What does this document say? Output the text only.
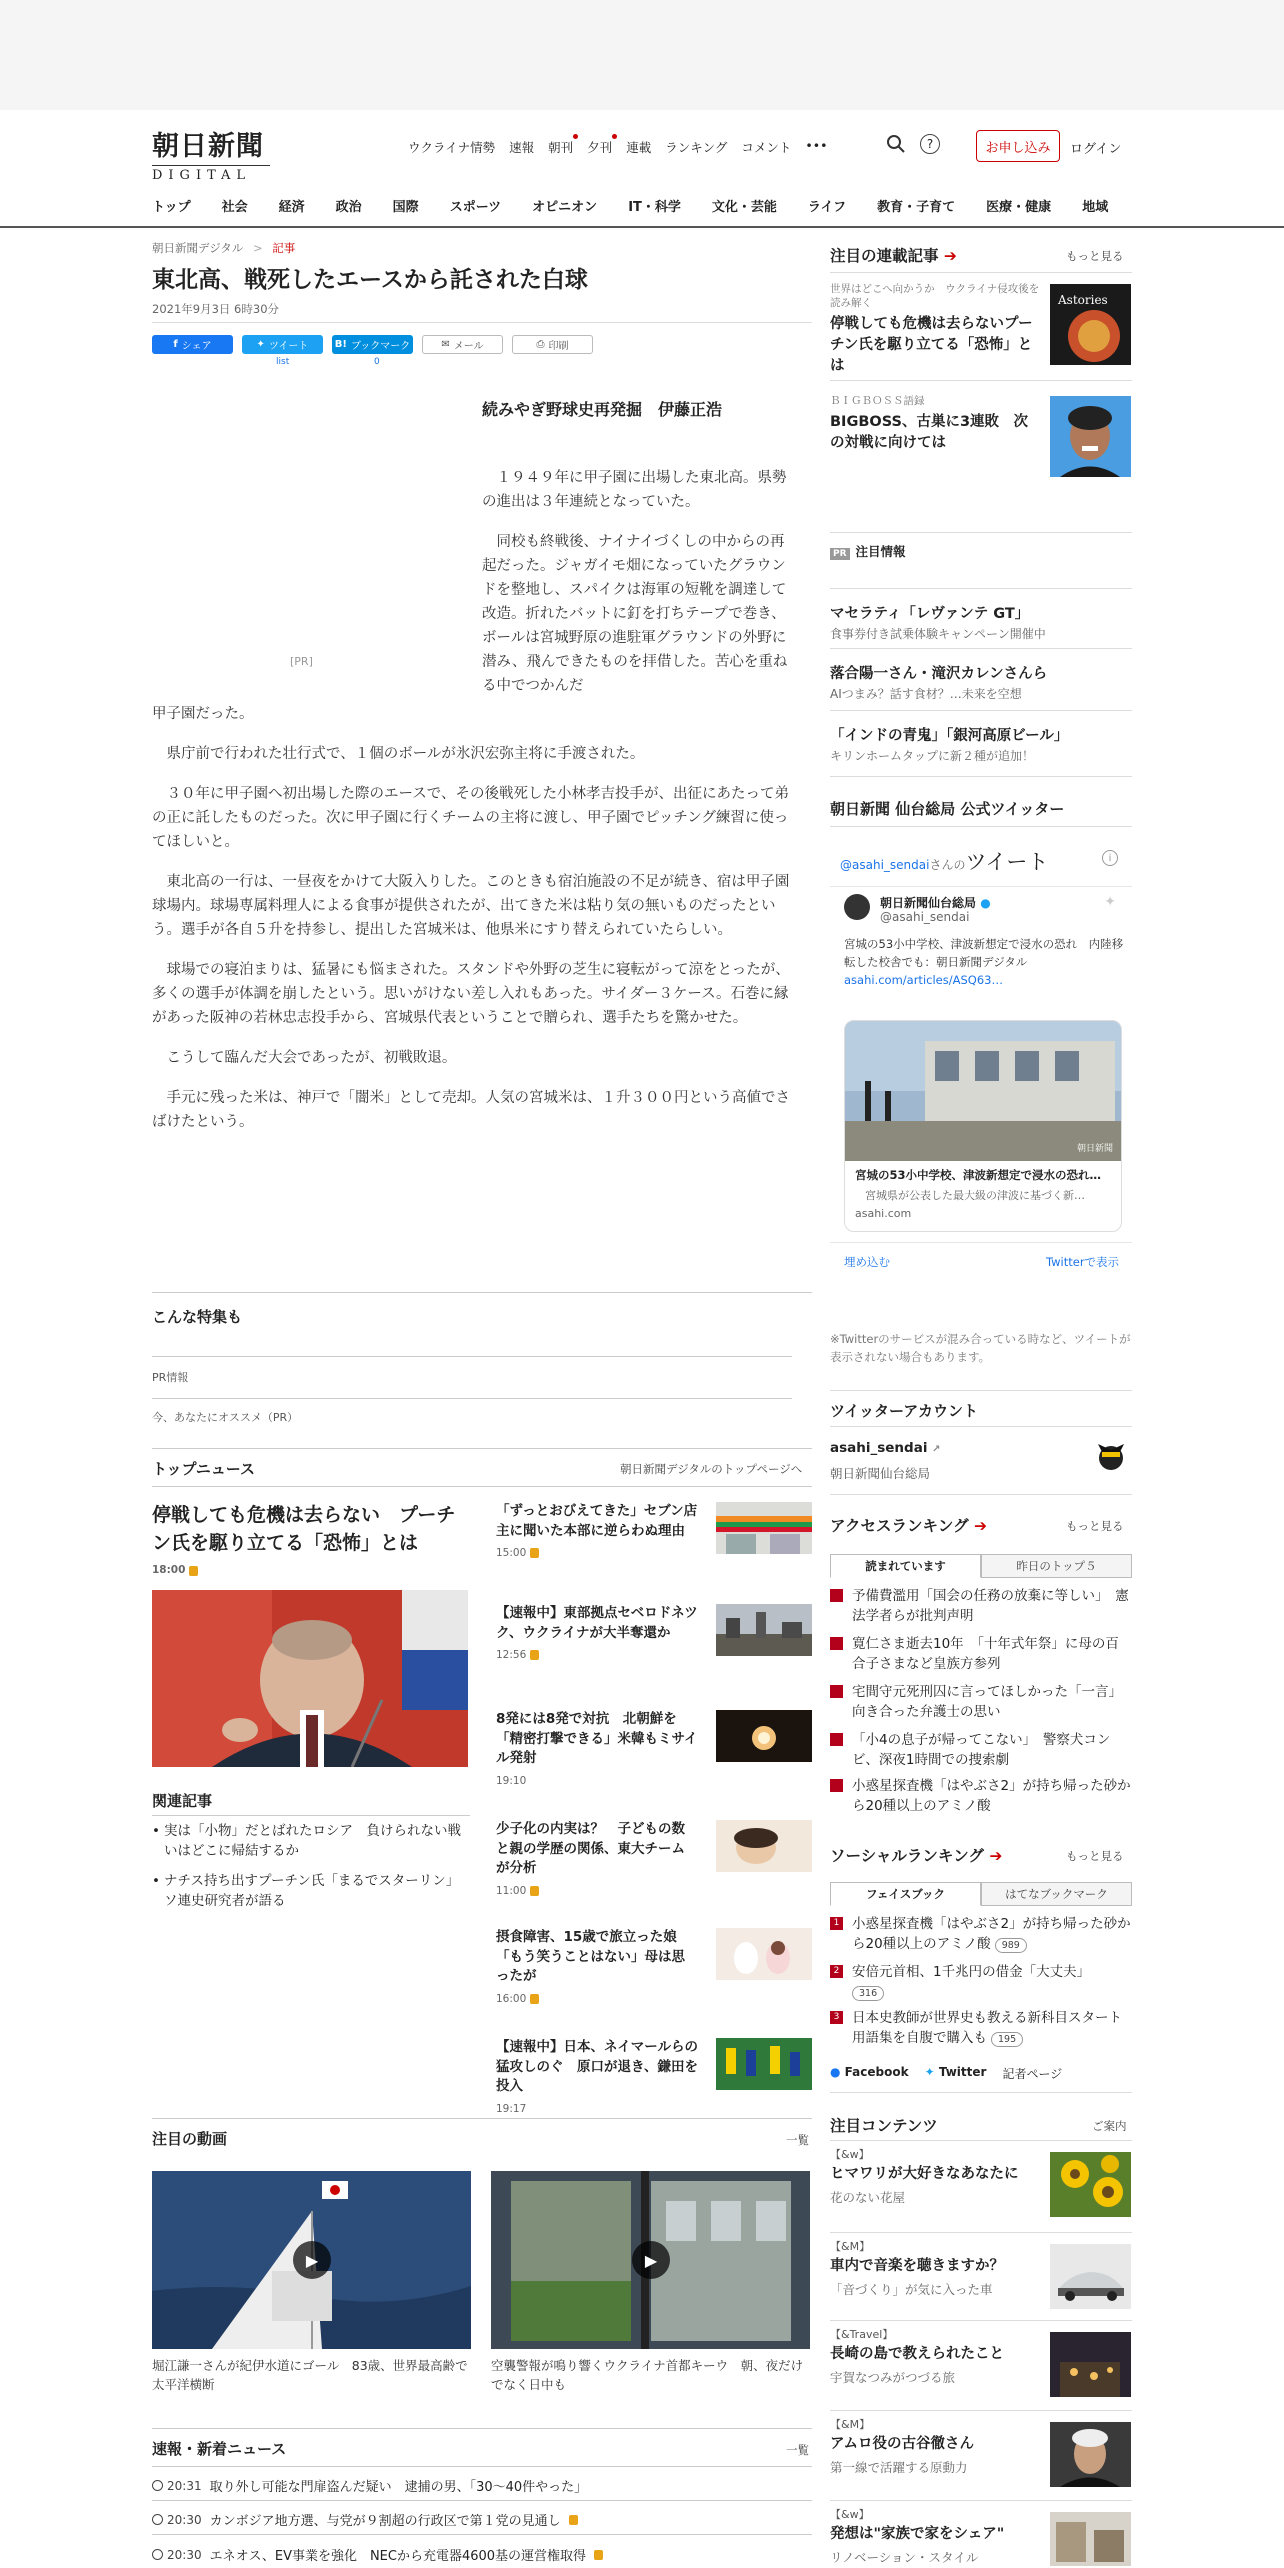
朝日新聞
DIGITAL
ウクライナ情勢 速報 朝刊 夕刊 連載 ランキング コメント •••	?	お申し込み	ログイン
トップ 社会 経済 政治 国際 スポーツ オピニオン IT・科学 文化・芸能 ライフ 教育・子育て 医療・健康 地域
朝日新聞デジタル > 記事
東北高、戦死したエースから託された白球
2021年9月3日 6時30分
f シェア	✦ ツイート	B! ブックマーク	✉ メール	⎙ 印刷
list	0
[PR]
続みやぎ野球史再発掘　伊藤正浩

１９４９年に甲子園に出場した東北高。県勢の進出は３年連続となっていた。

同校も終戦後、ナイナイづくしの中からの再起だった。ジャガイモ畑になっていたグラウンドを整地し、スパイクは海軍の短靴を調達して改造。折れたバットに釘を打ちテープで巻き、ボールは宮城野原の進駐軍グラウンドの外野に潜み、飛んできたものを拝借した。苦心を重ねる中でつかんだ

甲子園だった。

県庁前で行われた壮行式で、１個のボールが氷沢宏弥主将に手渡された。

３０年に甲子園へ初出場した際のエースで、その後戦死した小林孝吉投手が、出征にあたって弟の正に託したものだった。次に甲子園に行くチームの主将に渡し、甲子園でピッチング練習に使ってほしいと。

東北高の一行は、一昼夜をかけて大阪入りした。このときも宿泊施設の不足が続き、宿は甲子園球場内。球場専属料理人による食事が提供されたが、出てきた米は粘り気の無いものだったという。選手が各自５升を持参し、提出した宮城米は、他県米にすり替えられていたらしい。

球場での寝泊まりは、猛暑にも悩まされた。スタンドや外野の芝生に寝転がって涼をとったが、多くの選手が体調を崩したという。思いがけない差し入れもあった。サイダー３ケース。石巻に縁があった阪神の若林忠志投手から、宮城県代表ということで贈られ、選手たちを驚かせた。

こうして臨んだ大会であったが、初戦敗退。

手元に残った米は、神戸で「闇米」として売却。人気の宮城米は、１升３００円という高値でさばけたという。

こんな特集も
PR情報
今、あなたにオススメ（PR）
トップニュース	朝日新聞デジタルのトップページへ
停戦しても危機は去らない　プーチン氏を駆り立てる「恐怖」とは
18:00
関連記事
• 実は「小物」だとばれたロシア　負けられない戦いはどこに帰結するか
• ナチス持ち出すプーチン氏「まるでスターリン」　ソ連史研究者が語る
「ずっとおびえてきた」セブン店主に聞いた本部に逆らわぬ理由
15:00
【速報中】東部拠点セベロドネツク、ウクライナが大半奪還か
12:56
8発には8発で対抗　北朝鮮を「精密打撃できる」米韓もミサイル発射
19:10
少子化の内実は？　子どもの数と親の学歴の関係、東大チームが分析
11:00
摂食障害、15歳で旅立った娘「もう笑うことはない」母は思ったが
16:00
【速報中】日本、ネイマールらの猛攻しのぐ　原口が退き、鎌田を投入
19:17
注目の動画	一覧
▶	▶
堀江謙一さんが紀伊水道にゴール　83歳、世界最高齢で太平洋横断
空襲警報が鳴り響くウクライナ首都キーウ　朝、夜だけでなく日中も
速報・新着ニュース	一覧
20:31 取り外し可能な門扉盗んだ疑い　逮捕の男、「30～40件やった」
20:30 カンボジア地方選、与党が９割超の行政区で第１党の見通し
20:30 エネオス、EV事業を強化　NECから充電器4600基の運営権取得
注目の連載記事 ➔	もっと見る
世界はどこへ向かうか　ウクライナ侵攻後を読み解く
停戦しても危機は去らないプーチン氏を駆り立てる「恐怖」とは
Astories
ＢＩＧＢＯＳＳ語録
BIGBOSS、古巣に3連敗　次の対戦に向けては
PR 注目情報
マセラティ「レヴァンテ GT」
食事券付き試乗体験キャンペーン開催中
落合陽一さん・滝沢カレンさんら
AIつまみ？話す食材？…未来を空想
「インドの青鬼」「銀河高原ビール」
キリンホームタップに新２種が追加！
朝日新聞 仙台総局 公式ツイッター
@asahi_sendaiさんのツイート	i
朝日新聞仙台総局 ●
@asahi_sendai
✦
宮城の53小中学校、津波新想定で浸水の恐れ　内陸移転した校舎でも：朝日新聞デジタル
asahi.com/articles/ASQ63…
朝日新聞
宮城の53小中学校、津波新想定で浸水の恐れ…
宮城県が公表した最大級の津波に基づく新…
asahi.com
埋め込む	Twitterで表示
※Twitterのサービスが混み合っている時など、ツイートが表示されない場合もあります。
ツイッターアカウント
asahi_sendai ↗
朝日新聞仙台総局
アクセスランキング ➔	もっと見る
読まれています	昨日のトップ５
予備費濫用「国会の任務の放棄に等しい」　憲法学者らが批判声明
寛仁さま逝去10年　「十年式年祭」に母の百合子さまなど皇族方参列
宅間守元死刑囚に言ってほしかった「一言」　向き合った弁護士の思い
「小4の息子が帰ってこない」　警察犬コンビ、深夜1時間での捜索劇
小惑星探査機「はやぶさ2」が持ち帰った砂から20種以上のアミノ酸
ソーシャルランキング ➔	もっと見る
フェイスブック	はてなブックマーク
1 小惑星探査機「はやぶさ2」が持ち帰った砂から20種以上のアミノ酸 989
2 安倍元首相、1千兆円の借金「大丈夫」
316
3 日本史教師が世界史も教える新科目スタート　用語集を自腹で購入も 195
● Facebook ✦ Twitter 記者ページ
注目コンテンツ	ご案内
【&w】
ヒマワリが大好きなあなたに
花のない花屋
【&M】
車内で音楽を聴きますか？
「音づくり」が気に入った車
【&Travel】
長崎の島で教えられたこと
宇賀なつみがつづる旅
【&M】
アムロ役の古谷徹さん
第一線で活躍する原動力
【&w】
発想は"家族で家をシェア"
リノベーション・スタイル
